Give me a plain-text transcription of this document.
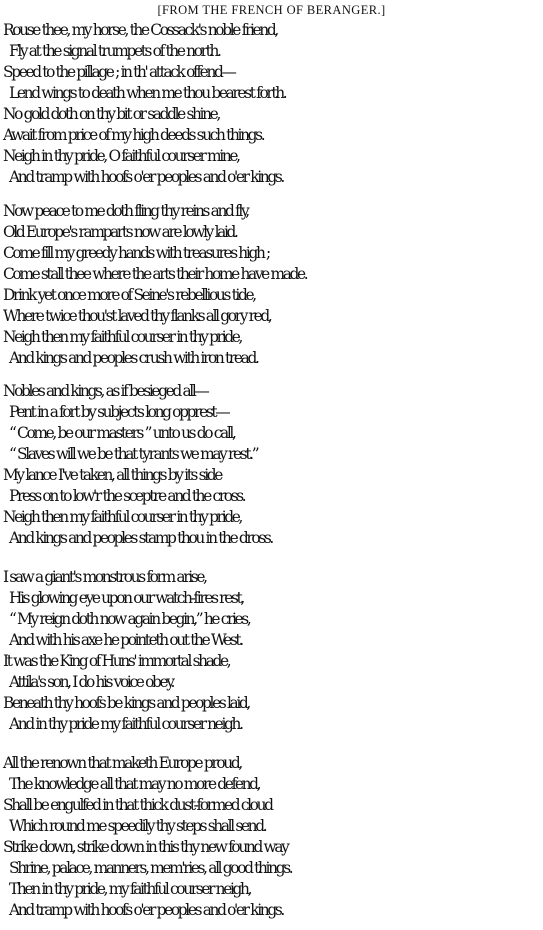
[FROM THE FRENCH OF BERANGER.]
Rouse thee, my horse, the Cossack's noble friend,
Fly at the signal trumpets of the north.
Speed to the pillage ; in th' attack offend—
Lend wings to death when me thou bearest forth.
No gold doth on thy bit or saddle shine,
Await from price of my high deeds such things.
Neigh in thy pride, O faithful courser mine,
And tramp with hoofs o'er peoples and o'er kings.
Now peace to me doth fling thy reins and fly,
Old Europe's ramparts now are lowly laid.
Come fill my greedy hands with treasures high ;
Come stall thee where the arts their home have made.
Drink yet once more of Seine's rebellious tide,
Where twice thou'st laved thy flanks all gory red,
Neigh then my faithful courser in thy pride,
And kings and peoples crush with iron tread.
Nobles and kings, as if besieged all—
Pent in a fort by subjects long opprest—
“ Come, be our masters ” unto us do call,
“ Slaves will we be that tyrants we may rest.”
My lance I've taken, all things by its side
Press on to low'r the sceptre and the cross.
Neigh then my faithful courser in thy pride,
And kings and peoples stamp thou in the dross.
I saw a giant's monstrous form arise,
His glowing eye upon our watch-fires rest,
“ My reign doth now again begin,” he cries,
And with his axe he pointeth out the West.
It was the King of Huns' immortal shade,
Attila's son, I do his voice obey.
Beneath thy hoofs be kings and peoples laid,
And in thy pride my faithful courser neigh.
All the renown that maketh Europe proud,
The knowledge all that may no more defend,
Shall be engulfed in that thick dust-formed cloud
Which round me speedily thy steps shall send.
Strike down, strike down in this thy new found way
Shrine, palace, manners, mem'ries, all good things.
Then in thy pride, my faithful courser neigh,
And tramp with hoofs o'er peoples and o'er kings.
